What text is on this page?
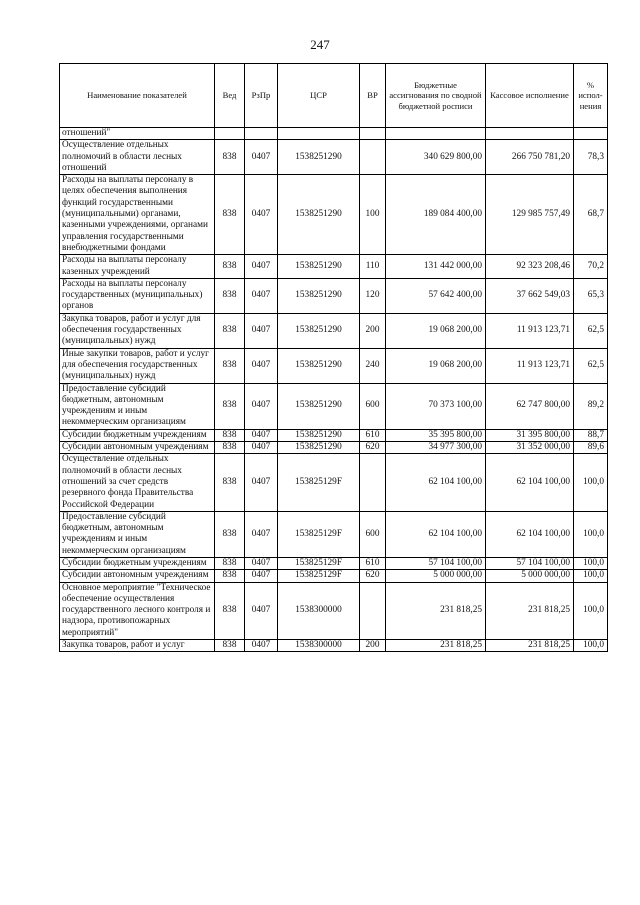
247
Наименование показателей	Вед	РзПр	ЦСР	ВР	Бюджетные ассигнования по сводной бюджетной росписи	Кассовое исполнение	% испол-нения
отношений"							
Осуществление отдельных полномочий в области лесных отношений	838	0407	1538251290		340 629 800,00	266 750 781,20	78,3
Расходы на выплаты персоналу в целях обеспечения выполнения функций государственными (муниципальными) органами, казенными учреждениями, органами управления государственными внебюджетными фондами	838	0407	1538251290	100	189 084 400,00	129 985 757,49	68,7
Расходы на выплаты персоналу казенных учреждений	838	0407	1538251290	110	131 442 000,00	92 323 208,46	70,2
Расходы на выплаты персоналу государственных (муниципальных) органов	838	0407	1538251290	120	57 642 400,00	37 662 549,03	65,3
Закупка товаров, работ и услуг для обеспечения государственных (муниципальных) нужд	838	0407	1538251290	200	19 068 200,00	11 913 123,71	62,5
Иные закупки товаров, работ и услуг для обеспечения государственных (муниципальных) нужд	838	0407	1538251290	240	19 068 200,00	11 913 123,71	62,5
Предоставление субсидий бюджетным, автономным учреждениям и иным некоммерческим организациям	838	0407	1538251290	600	70 373 100,00	62 747 800,00	89,2
Субсидии бюджетным учреждениям	838	0407	1538251290	610	35 395 800,00	31 395 800,00	88,7
Субсидии автономным учреждениям	838	0407	1538251290	620	34 977 300,00	31 352 000,00	89,6
Осуществление отдельных полномочий в области лесных отношений за счет средств резервного фонда Правительства Российской Федерации	838	0407	153825129F		62 104 100,00	62 104 100,00	100,0
Предоставление субсидий бюджетным, автономным учреждениям и иным некоммерческим организациям	838	0407	153825129F	600	62 104 100,00	62 104 100,00	100,0
Субсидии бюджетным учреждениям	838	0407	153825129F	610	57 104 100,00	57 104 100,00	100,0
Субсидии автономным учреждениям	838	0407	153825129F	620	5 000 000,00	5 000 000,00	100,0
Основное мероприятие "Техническое обеспечение осуществления государственного лесного контроля и надзора, противопожарных мероприятий"	838	0407	1538300000		231 818,25	231 818,25	100,0
Закупка товаров, работ и услуг	838	0407	1538300000	200	231 818,25	231 818,25	100,0
